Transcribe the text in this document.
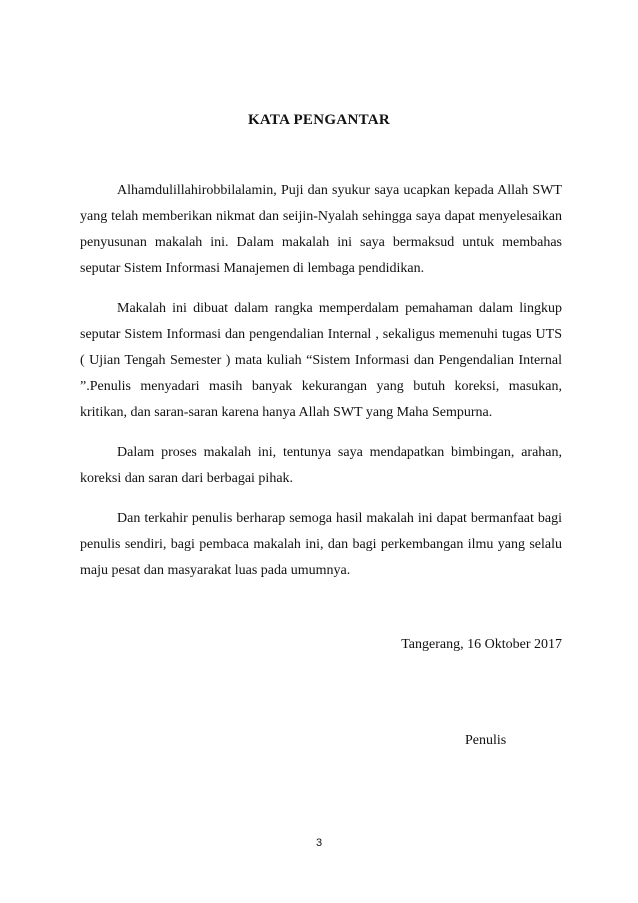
KATA PENGANTAR

Alhamdulillahirobbilalamin, Puji dan syukur saya ucapkan kepada Allah SWT yang telah memberikan nikmat dan seijin-Nyalah sehingga saya dapat menyelesaikan penyusunan makalah ini. Dalam makalah ini saya bermaksud untuk membahas seputar Sistem Informasi Manajemen di lembaga pendidikan.

Makalah ini dibuat dalam rangka memperdalam pemahaman dalam lingkup seputar Sistem Informasi dan pengendalian Internal , sekaligus memenuhi tugas UTS ( Ujian Tengah Semester ) mata kuliah “Sistem Informasi dan Pengendalian Internal ”.Penulis menyadari masih banyak kekurangan yang butuh koreksi, masukan, kritikan, dan saran-saran karena hanya Allah SWT yang Maha Sempurna.

Dalam proses makalah ini, tentunya saya mendapatkan bimbingan, arahan, koreksi dan saran dari berbagai pihak.

Dan terkahir penulis berharap semoga hasil makalah ini dapat bermanfaat bagi penulis sendiri, bagi pembaca makalah ini, dan bagi perkembangan ilmu yang selalu maju pesat dan masyarakat luas pada umumnya.

Tangerang, 16 Oktober 2017
Penulis
3
